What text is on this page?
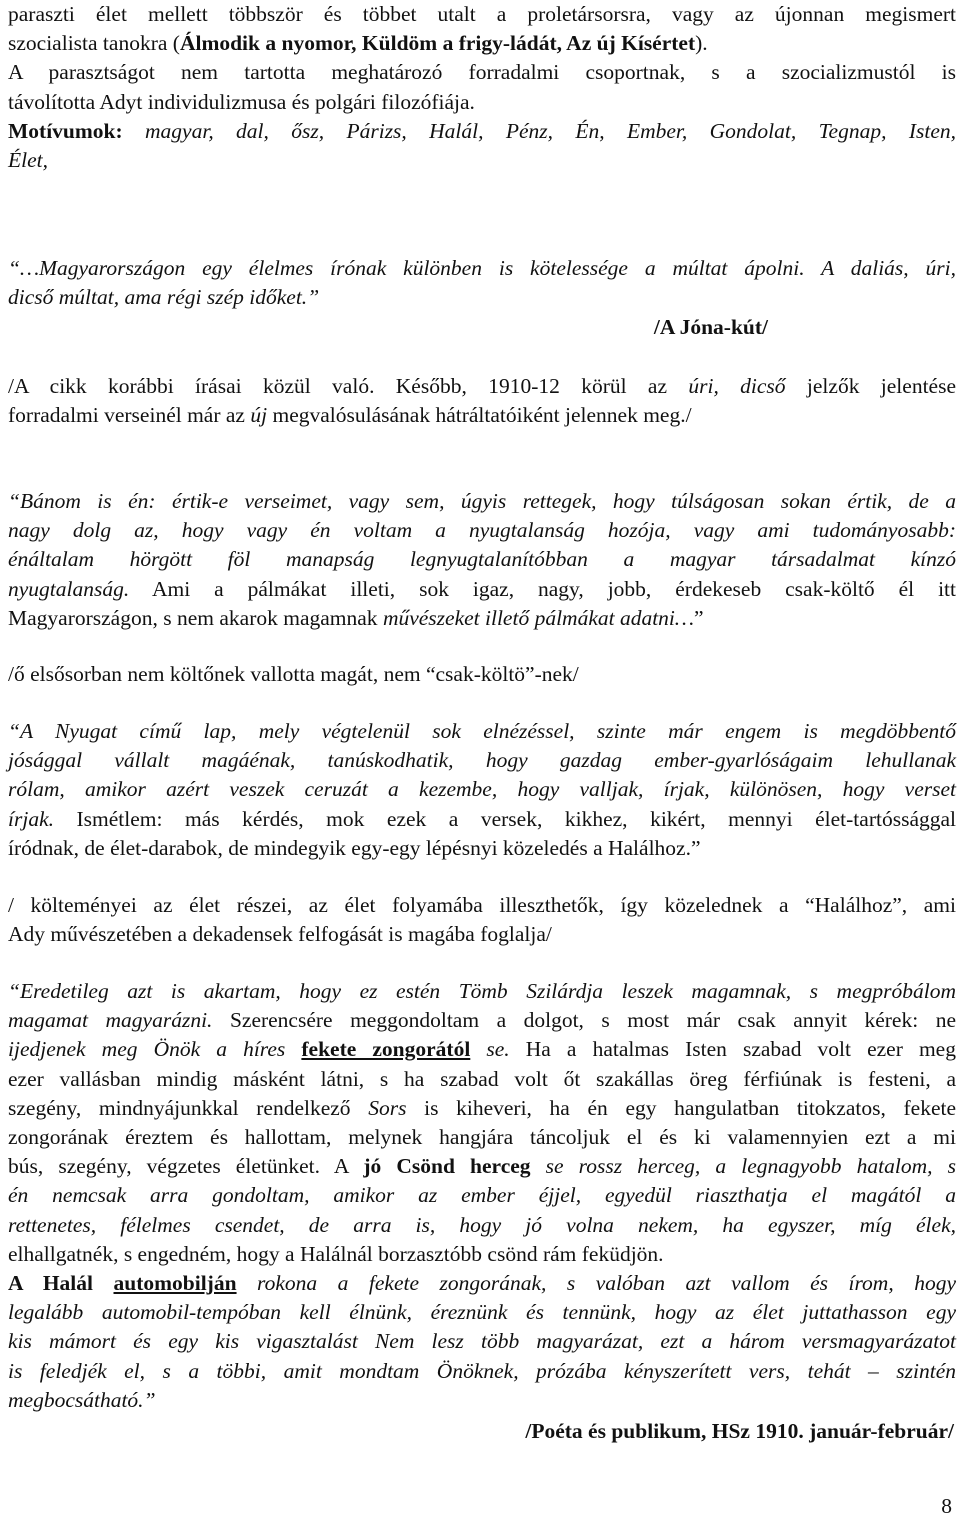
paraszti élet mellett többször és többet utalt a proletársorsra, vagy az újonnan megismert

szocialista tanokra (Álmodik a nyomor, Küldöm a frigy-ládát, Az új Kísértet).

A parasztságot nem tartotta meghatározó forradalmi csoportnak, s a szocializmustól is

távolította Adyt individulizmusa és polgári filozófiája.

Motívumok: magyar, dal, ősz, Párizs, Halál, Pénz, Én, Ember, Gondolat, Tegnap, Isten,

Élet,

“…Magyarországon egy élelmes írónak különben is kötelessége a múltat ápolni. A daliás, úri,

dicső múltat, ama régi szép időket.”

/A Jóna-kút/

/A cikk korábbi írásai közül való. Később, 1910-12 körül az úri, dicső jelzők jelentése

forradalmi verseinél már az új megvalósulásának hátráltatóiként jelennek meg./

“Bánom is én: értik-e verseimet, vagy sem, úgyis rettegek, hogy túlságosan sokan értik, de a

nagy dolg az, hogy vagy én voltam a nyugtalanság hozója, vagy ami tudományosabb:

énáltalam hörgött föl manapság legnyugtalanítóbban a magyar társadalmat kínzó

nyugtalanság. Ami a pálmákat illeti, sok igaz, nagy, jobb, érdekeseb csak-költő él itt

Magyarországon, s nem akarok magamnak művészeket illető pálmákat adatni…”

/ő elsősorban nem költőnek vallotta magát, nem “csak-költö”-nek/

“A Nyugat című lap, mely végtelenül sok elnézéssel, szinte már engem is megdöbbentő

jósággal vállalt magáénak, tanúskodhatik, hogy gazdag ember-gyarlóságaim lehullanak

rólam, amikor azért veszek ceruzát a kezembe, hogy valljak, írjak, különösen, hogy verset

írjak. Ismétlem: más kérdés, mok ezek a versek, kikhez, kikért, mennyi élet-tartóssággal

íródnak, de élet-darabok, de mindegyik egy-egy lépésnyi közeledés a Halálhoz.”

/ költeményei az élet részei, az élet folyamába illeszthetők, így közelednek a “Halálhoz”, ami

Ady művészetében a dekadensek felfogását is magába foglalja/

“Eredetileg azt is akartam, hogy ez estén Tömb Szilárdja leszek magamnak, s megpróbálom

magamat magyarázni. Szerencsére meggondoltam a dolgot, s most már csak annyit kérek: ne

ijedjenek meg Önök a híres fekete zongorától se. Ha a hatalmas Isten szabad volt ezer meg

ezer vallásban mindig másként látni, s ha szabad volt őt szakállas öreg férfiúnak is festeni, a

szegény, mindnyájunkkal rendelkező Sors is kiheveri, ha én egy hangulatban titokzatos, fekete

zongorának éreztem és hallottam, melynek hangjára táncoljuk el és ki valamennyien ezt a mi

bús, szegény, végzetes életünket. A jó Csönd herceg se rossz herceg, a legnagyobb hatalom, s

én nemcsak arra gondoltam, amikor az ember éjjel, egyedül riaszthatja el magától a

rettenetes, félelmes csendet, de arra is, hogy jó volna nekem, ha egyszer, míg élek,

elhallgatnék, s engedném, hogy a Halálnál borzasztóbb csönd rám feküdjön.

A Halál automobilján rokona a fekete zongorának, s valóban azt vallom és írom, hogy

legalább automobil-tempóban kell élnünk, éreznünk és tennünk, hogy az élet juttathasson egy

kis mámort és egy kis vigasztalást Nem lesz több magyarázat, ezt a három versmagyarázatot

is feledjék el, s a többi, amit mondtam Önöknek, prózába kényszerített vers, tehát – szintén

megbocsátható.”

/Poéta és publikum, HSz 1910. január-február/

8
